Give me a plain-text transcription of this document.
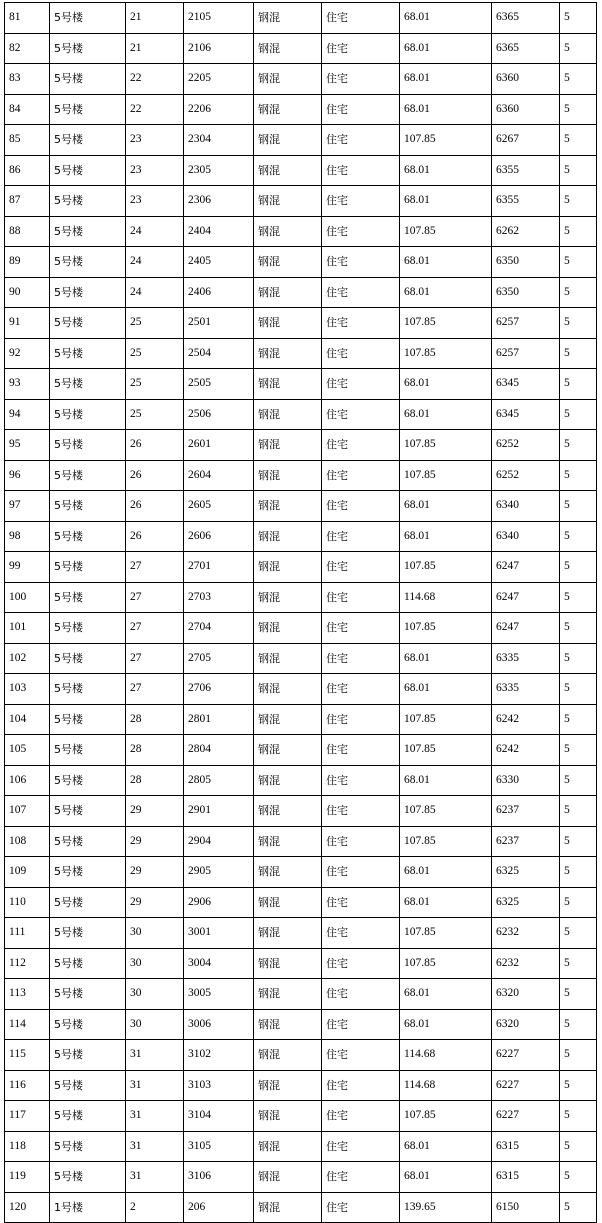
81	5号楼	21	2105	钢混	住宅	68.01	6365	5
82	5号楼	21	2106	钢混	住宅	68.01	6365	5
83	5号楼	22	2205	钢混	住宅	68.01	6360	5
84	5号楼	22	2206	钢混	住宅	68.01	6360	5
85	5号楼	23	2304	钢混	住宅	107.85	6267	5
86	5号楼	23	2305	钢混	住宅	68.01	6355	5
87	5号楼	23	2306	钢混	住宅	68.01	6355	5
88	5号楼	24	2404	钢混	住宅	107.85	6262	5
89	5号楼	24	2405	钢混	住宅	68.01	6350	5
90	5号楼	24	2406	钢混	住宅	68.01	6350	5
91	5号楼	25	2501	钢混	住宅	107.85	6257	5
92	5号楼	25	2504	钢混	住宅	107.85	6257	5
93	5号楼	25	2505	钢混	住宅	68.01	6345	5
94	5号楼	25	2506	钢混	住宅	68.01	6345	5
95	5号楼	26	2601	钢混	住宅	107.85	6252	5
96	5号楼	26	2604	钢混	住宅	107.85	6252	5
97	5号楼	26	2605	钢混	住宅	68.01	6340	5
98	5号楼	26	2606	钢混	住宅	68.01	6340	5
99	5号楼	27	2701	钢混	住宅	107.85	6247	5
100	5号楼	27	2703	钢混	住宅	114.68	6247	5
101	5号楼	27	2704	钢混	住宅	107.85	6247	5
102	5号楼	27	2705	钢混	住宅	68.01	6335	5
103	5号楼	27	2706	钢混	住宅	68.01	6335	5
104	5号楼	28	2801	钢混	住宅	107.85	6242	5
105	5号楼	28	2804	钢混	住宅	107.85	6242	5
106	5号楼	28	2805	钢混	住宅	68.01	6330	5
107	5号楼	29	2901	钢混	住宅	107.85	6237	5
108	5号楼	29	2904	钢混	住宅	107.85	6237	5
109	5号楼	29	2905	钢混	住宅	68.01	6325	5
110	5号楼	29	2906	钢混	住宅	68.01	6325	5
111	5号楼	30	3001	钢混	住宅	107.85	6232	5
112	5号楼	30	3004	钢混	住宅	107.85	6232	5
113	5号楼	30	3005	钢混	住宅	68.01	6320	5
114	5号楼	30	3006	钢混	住宅	68.01	6320	5
115	5号楼	31	3102	钢混	住宅	114.68	6227	5
116	5号楼	31	3103	钢混	住宅	114.68	6227	5
117	5号楼	31	3104	钢混	住宅	107.85	6227	5
118	5号楼	31	3105	钢混	住宅	68.01	6315	5
119	5号楼	31	3106	钢混	住宅	68.01	6315	5
120	1号楼	2	206	钢混	住宅	139.65	6150	5
